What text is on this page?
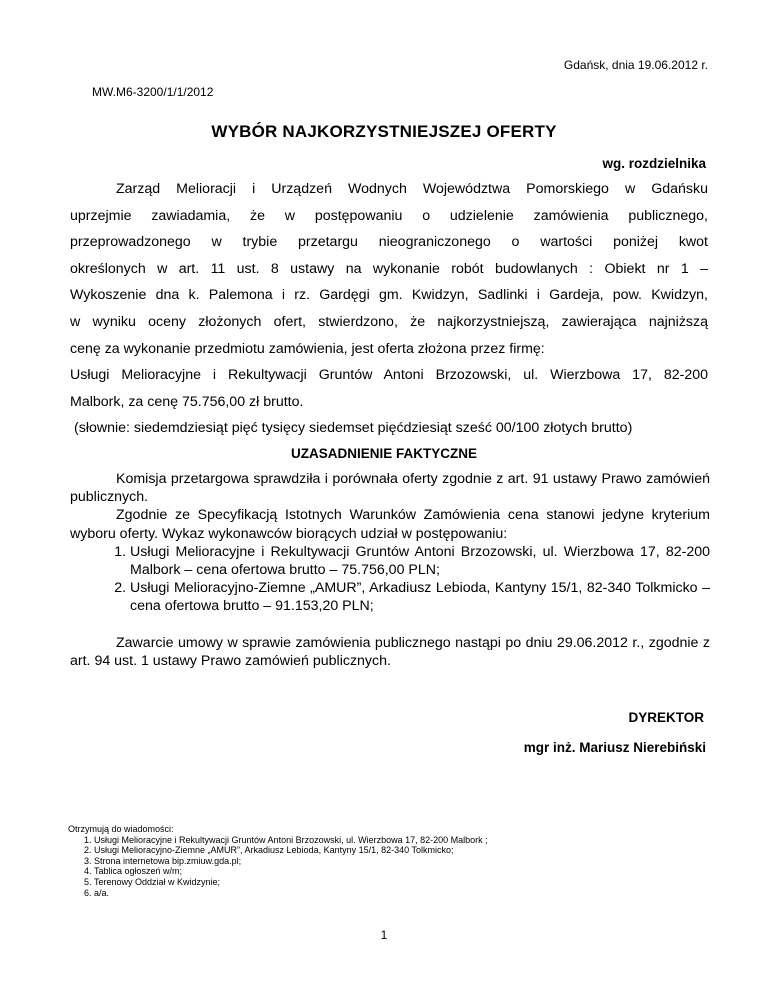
Gdańsk, dnia 19.06.2012 r.
MW.M6-3200/1/1/2012
WYBÓR NAJKORZYSTNIEJSZEJ OFERTY
wg. rozdzielnika

Zarząd Melioracji i Urządzeń Wodnych Województwa Pomorskiego w Gdańsku

uprzejmie zawiadamia, że w postępowaniu o udzielenie zamówienia publicznego,

przeprowadzonego w trybie przetargu nieograniczonego o wartości poniżej kwot

określonych w art. 11 ust. 8 ustawy na wykonanie robót budowlanych : Obiekt nr 1 –

Wykoszenie dna k. Palemona i rz. Gardęgi gm. Kwidzyn, Sadlinki i Gardeja, pow. Kwidzyn,

w wyniku oceny złożonych ofert, stwierdzono, że najkorzystniejszą, zawierająca najniższą

cenę za wykonanie przedmiotu zamówienia, jest oferta złożona przez firmę:

Usługi Melioracyjne i Rekultywacji Gruntów Antoni Brzozowski, ul. Wierzbowa 17, 82-200

Malbork, za cenę 75.756,00 zł brutto.

(słownie: siedemdziesiąt pięć tysięcy siedemset pięćdziesiąt sześć 00/100 złotych brutto)

UZASADNIENIE FAKTYCZNE

Komisja przetargowa sprawdziła i porównała oferty zgodnie z art. 91 ustawy Prawo zamówień publicznych.

Zgodnie ze Specyfikacją Istotnych Warunków Zamówienia cena stanowi jedyne kryterium wyboru oferty. Wykaz wykonawców biorących udział w postępowaniu:

1. Usługi Melioracyjne i Rekultywacji Gruntów Antoni Brzozowski, ul. Wierzbowa 17, 82-200 Malbork – cena ofertowa brutto – 75.756,00 PLN;
2. Usługi Melioracyjno-Ziemne „AMUR”, Arkadiusz Lebioda, Kantyny 15/1, 82-340 Tolkmicko – cena ofertowa brutto – 91.153,20 PLN;

Zawarcie umowy w sprawie zamówienia publicznego nastąpi po dniu 29.06.2012 r., zgodnie z art. 94 ust. 1 ustawy Prawo zamówień publicznych.

DYREKTOR
mgr inż. Mariusz Nierebiński
Otrzymują do wiadomości:
1. Usługi Melioracyjne i Rekultywacji Gruntów Antoni Brzozowski, ul. Wierzbowa 17, 82-200 Malbork ;
2. Usługi Melioracyjno-Ziemne „AMUR”, Arkadiusz Lebioda, Kantyny 15/1, 82-340 Tolkmicko;
3. Strona internetowa bip.zmiuw.gda.pl;
4. Tablica ogłoszeń w/m;
5. Terenowy Oddział w Kwidzynie;
6. a/a.
1
